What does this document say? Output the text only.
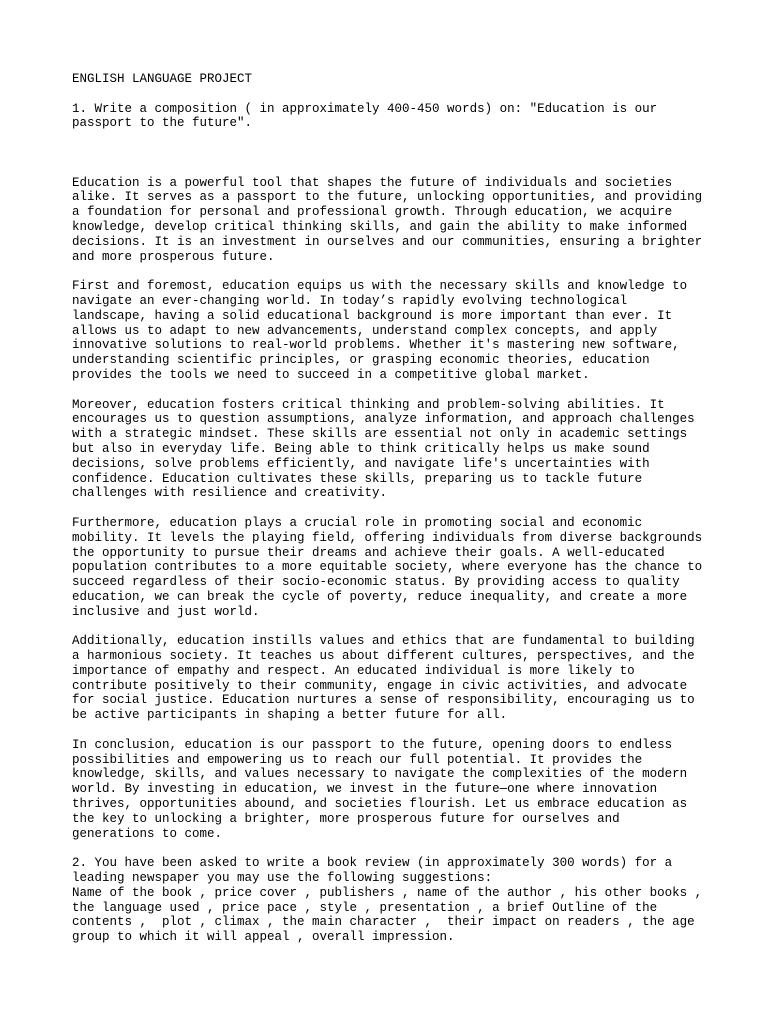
ENGLISH LANGUAGE PROJECT

1. Write a composition ( in approximately 400-450 words) on: "Education is our passport to the future".

Education is a powerful tool that shapes the future of individuals and societies alike. It serves as a passport to the future, unlocking opportunities, and providing a foundation for personal and professional growth. Through education, we acquire knowledge, develop critical thinking skills, and gain the ability to make informed decisions. It is an investment in ourselves and our communities, ensuring a brighter and more prosperous future.

First and foremost, education equips us with the necessary skills and knowledge to navigate an ever-changing world. In today’s rapidly evolving technological landscape, having a solid educational background is more important than ever. It allows us to adapt to new advancements, understand complex concepts, and apply innovative solutions to real-world problems. Whether it's mastering new software, understanding scientific principles, or grasping economic theories, education provides the tools we need to succeed in a competitive global market.

Moreover, education fosters critical thinking and problem-solving abilities. It encourages us to question assumptions, analyze information, and approach challenges with a strategic mindset. These skills are essential not only in academic settings but also in everyday life. Being able to think critically helps us make sound decisions, solve problems efficiently, and navigate life's uncertainties with confidence. Education cultivates these skills, preparing us to tackle future challenges with resilience and creativity.

Furthermore, education plays a crucial role in promoting social and economic mobility. It levels the playing field, offering individuals from diverse backgrounds the opportunity to pursue their dreams and achieve their goals. A well-educated population contributes to a more equitable society, where everyone has the chance to succeed regardless of their socio-economic status. By providing access to quality education, we can break the cycle of poverty, reduce inequality, and create a more inclusive and just world.

Additionally, education instills values and ethics that are fundamental to building a harmonious society. It teaches us about different cultures, perspectives, and the importance of empathy and respect. An educated individual is more likely to contribute positively to their community, engage in civic activities, and advocate for social justice. Education nurtures a sense of responsibility, encouraging us to be active participants in shaping a better future for all.

In conclusion, education is our passport to the future, opening doors to endless possibilities and empowering us to reach our full potential. It provides the knowledge, skills, and values necessary to navigate the complexities of the modern world. By investing in education, we invest in the future—one where innovation thrives, opportunities abound, and societies flourish. Let us embrace education as the key to unlocking a brighter, more prosperous future for ourselves and generations to come.

2. You have been asked to write a book review (in approximately 300 words) for a leading newspaper you may use the following suggestions:

Name of the book , price cover , publishers , name of the author , his other books , the language used , price pace , style , presentation , a brief Outline of the contents ,  plot , climax , the main character ,  their impact on readers , the age group to which it will appeal , overall impression.
